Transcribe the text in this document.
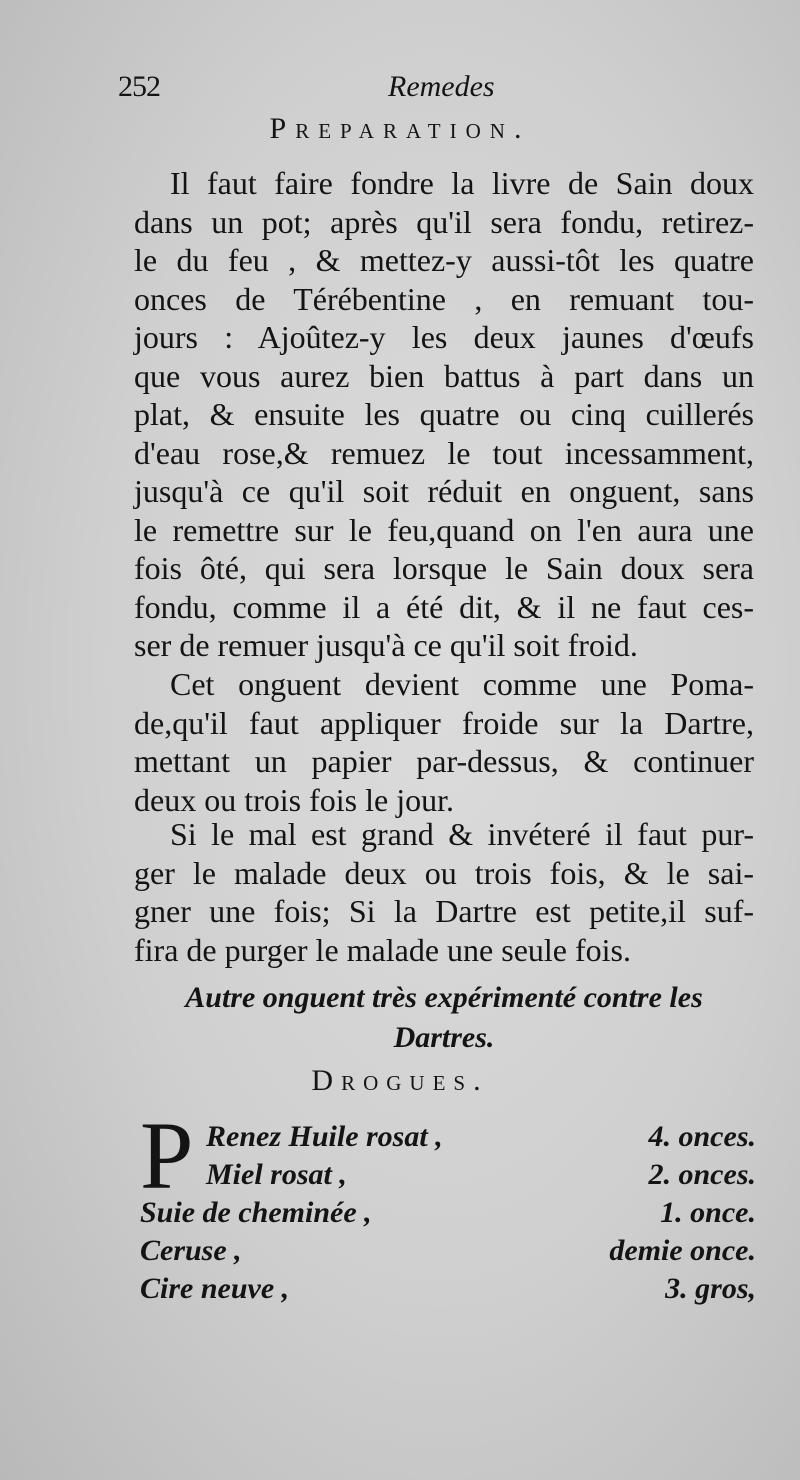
252	Remedes
Preparation.
Il faut faire fondre la livre de Sain doux
dans un pot; après qu'il sera fondu, retirez-
le du feu , & mettez-y aussi-tôt les quatre
onces de Térébentine , en remuant tou-
jours : Ajoûtez-y les deux jaunes d'œufs
que vous aurez bien battus à part dans un
plat, & ensuite les quatre ou cinq cuillerés
d'eau rose,& remuez le tout incessamment,
jusqu'à ce qu'il soit réduit en onguent, sans
le remettre sur le feu,quand on l'en aura une
fois ôté, qui sera lorsque le Sain doux sera
fondu, comme il a été dit, & il ne faut ces-
ser de remuer jusqu'à ce qu'il soit froid.
Cet onguent devient comme une Poma-
de,qu'il faut appliquer froide sur la Dartre,
mettant un papier par-dessus, & continuer
deux ou trois fois le jour.
Si le mal est grand & invéteré il faut pur-
ger le malade deux ou trois fois, & le sai-
gner une fois; Si la Dartre est petite,il suf-
fira de purger le malade une seule fois.
Autre onguent très expérimenté contre les
Dartres.
Drogues.
P Renez Huile rosat ,	4. onces.
Miel rosat ,	2. onces.
Suie de cheminée ,	1. once.
Ceruse ,	demie once.
Cire neuve ,	3. gros,
